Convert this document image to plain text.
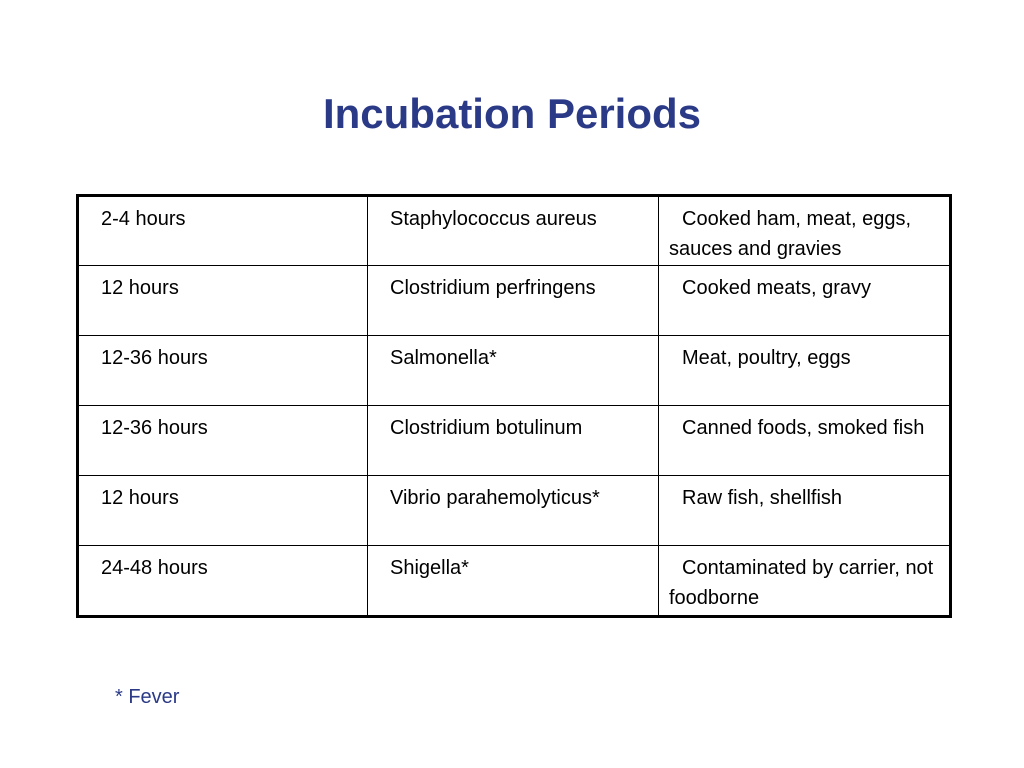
Incubation Periods
2-4 hours	Staphylococcus aureus	Cooked ham, meat, eggs, sauces and gravies
12 hours	Clostridium perfringens	Cooked meats, gravy
12-36 hours	Salmonella*	Meat, poultry, eggs
12-36 hours	Clostridium botulinum	Canned foods, smoked fish
12 hours	Vibrio parahemolyticus*	Raw fish, shellfish
24-48 hours	Shigella*	Contaminated by carrier, not foodborne
* Fever
